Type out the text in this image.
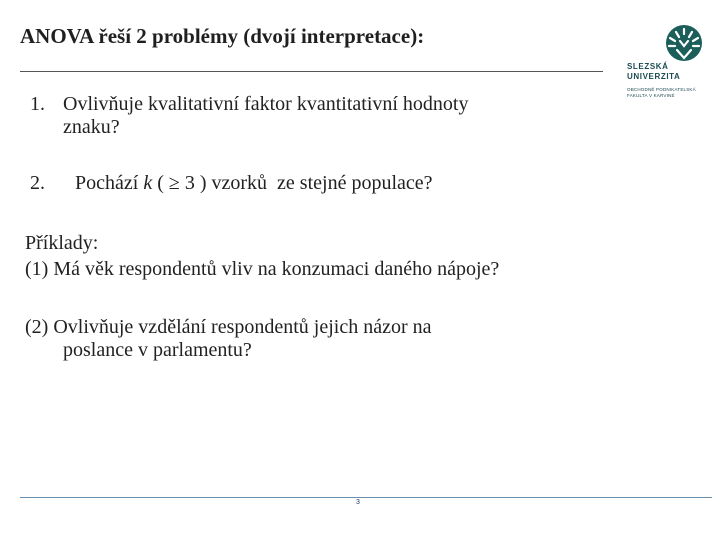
ANOVA řeší 2 problémy (dvojí interpretace):
SLEZSKÁ
UNIVERZITA
OBCHODNĚ PODNIKATELSKÁ
FAKULTA V KARVINÉ
1. Ovlivňuje kvalitativní faktor kvantitativní hodnoty
znaku?
2. Pochází k ( ≥ 3 ) vzorků  ze stejné populace?
Příklady:
(1) Má věk respondentů vliv na konzumaci daného nápoje?
(2) Ovlivňuje vzdělání respondentů jejich názor na
poslance v parlamentu?
3
